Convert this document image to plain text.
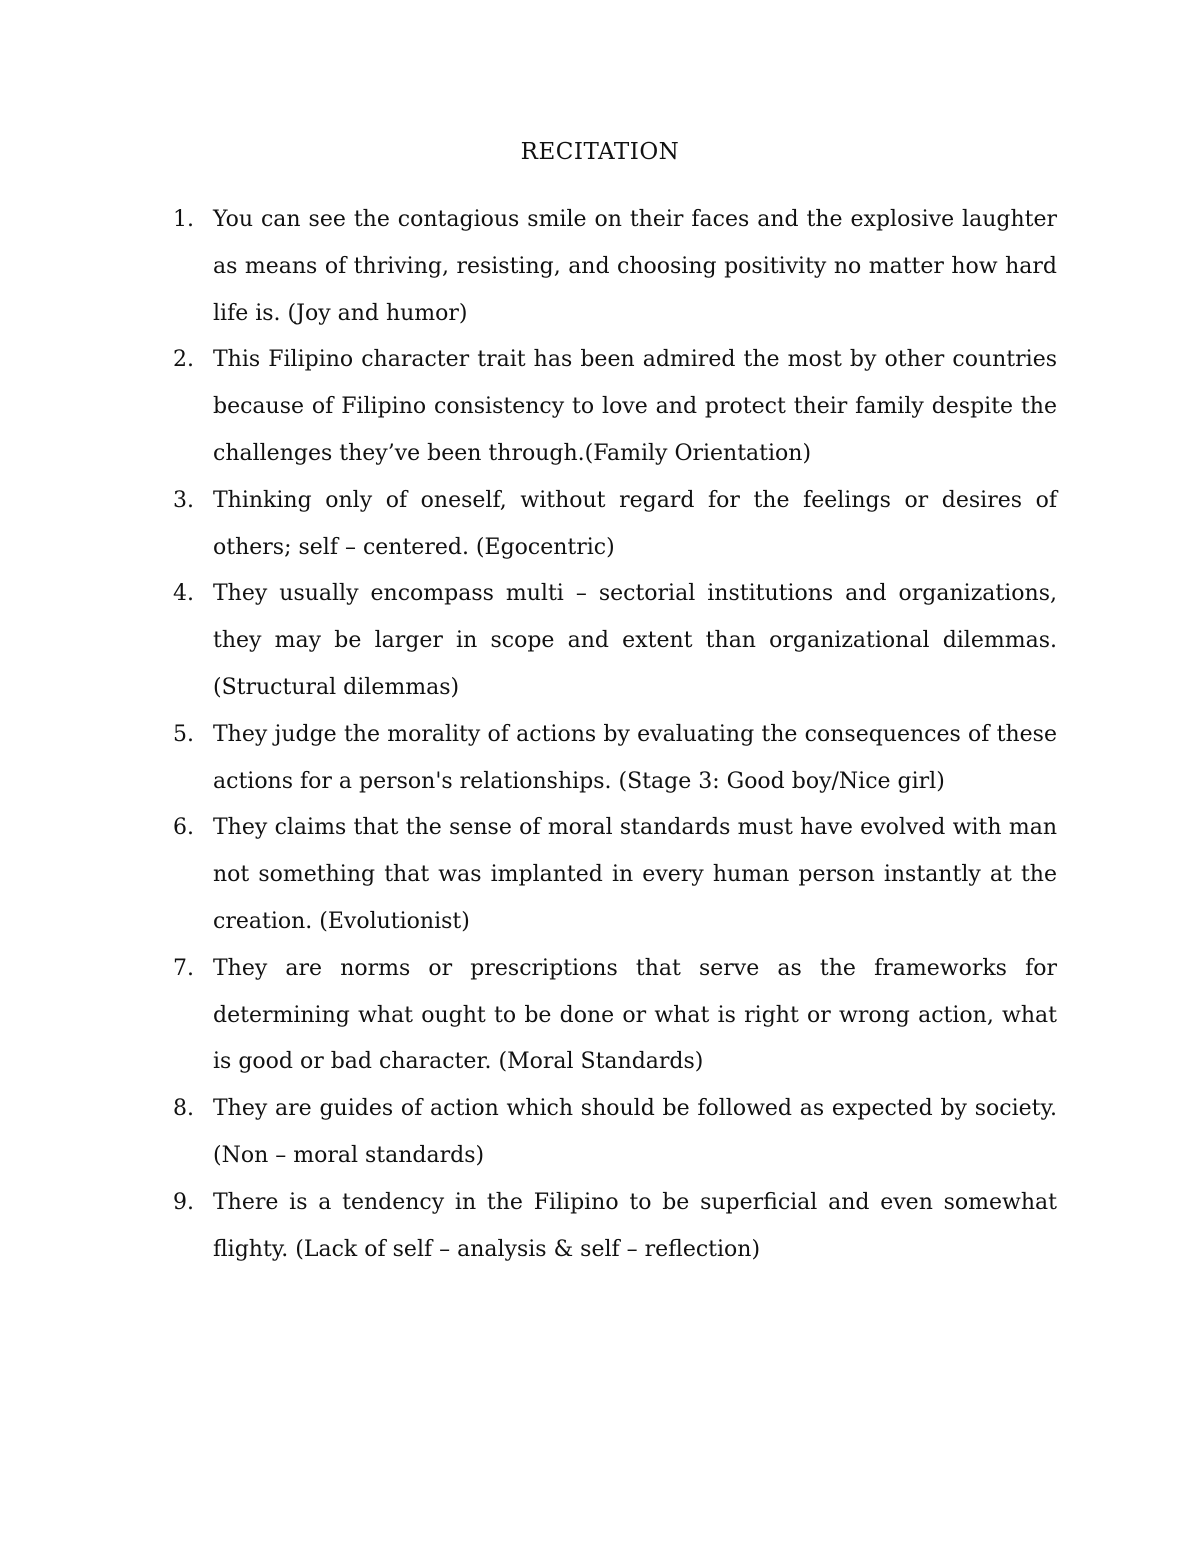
RECITATION
1. You can see the contagious smile on their faces and the explosive laughter as means of thriving, resisting, and choosing positivity no matter how hard life is. (Joy and humor)
2. This Filipino character trait has been admired the most by other countries because of Filipino consistency to love and protect their family despite the challenges they’ve been through.(Family Orientation)
3. Thinking only of oneself, without regard for the feelings or desires of others; self – centered. (Egocentric)
4. They usually encompass multi – sectorial institutions and organizations, they may be larger in scope and extent than organizational dilemmas. (Structural dilemmas)
5. They judge the morality of actions by evaluating the consequences of these actions for a person's relationships. (Stage 3: Good boy/Nice girl)
6. They claims that the sense of moral standards must have evolved with man not something that was implanted in every human person instantly at the creation. (Evolutionist)
7. They are norms or prescriptions that serve as the frameworks for determining what ought to be done or what is right or wrong action, what is good or bad character. (Moral Standards)
8. They are guides of action which should be followed as expected by society. (Non – moral standards)
9. There is a tendency in the Filipino to be superficial and even somewhat flighty. (Lack of self – analysis & self – reflection)
